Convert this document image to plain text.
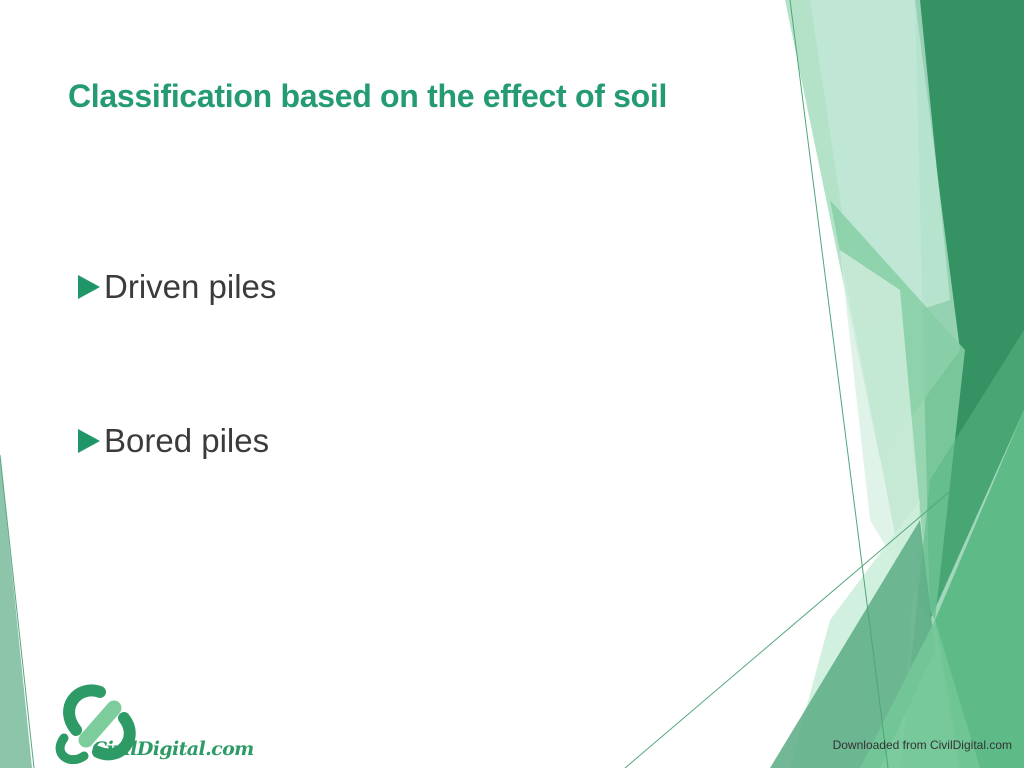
Classification based on the effect of soil
Driven piles
Bored piles
CivilDigital.com	Downloaded from CivilDigital.com
